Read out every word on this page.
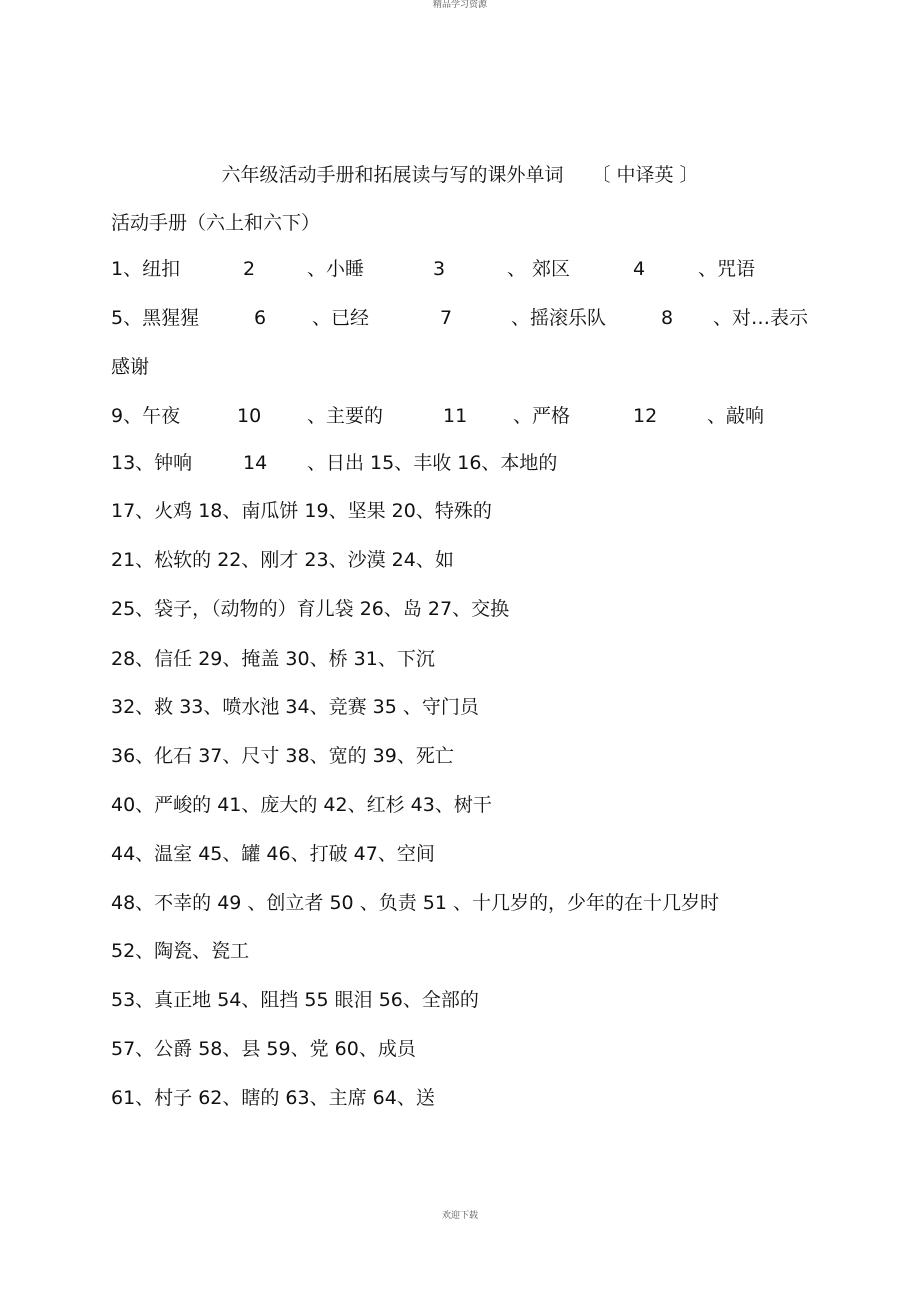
精品学习资源
六年级活动手册和拓展读与写的课外单词 〔 中译英 〕
活动手册（六上和六下）
1、纽扣	2	、小睡	3	、 郊区	4	、咒语
5、黑猩猩	6 、已经	7	、摇滚乐队	8 、对…表示
感谢
9、午夜	10 、主要的	11 、严格	12	、敲响
13、钟响	14 、日出 15、丰收 16、本地的
17、火鸡 18、南瓜饼 19、坚果 20、特殊的
21、松软的 22、刚才 23、沙漠 24、如
25、袋子，（动物的）育儿袋 26、岛 27、交换
28、信任 29、掩盖 30、桥 31、下沉
32、救 33、喷水池 34、竞赛 35 、守门员
36、化石 37、尺寸 38、宽的 39、死亡
40、严峻的 41、庞大的 42、红杉 43、树干
44、温室 45、罐 46、打破 47、空间
48、不幸的 49 、创立者 50 、负责 51 、十几岁的，少年的在十几岁时
52、陶瓷、瓷工
53、真正地 54、阻挡 55 眼泪 56、全部的
57、公爵 58、县 59、党 60、成员
61、村子 62、瞎的 63、主席 64、送
欢迎下载
